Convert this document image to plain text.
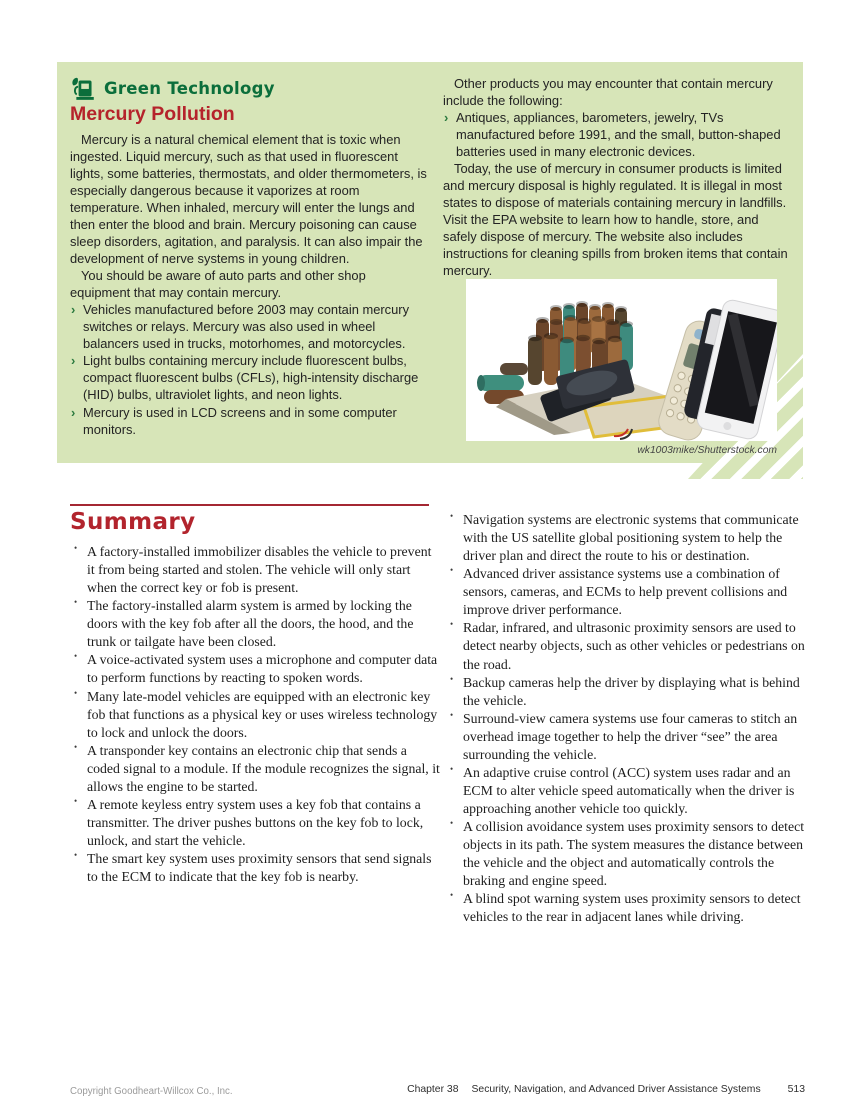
Green Technology
Mercury Pollution

Mercury is a natural chemical element that is toxic when ingested. Liquid mercury, such as that used in fluorescent lights, some batteries, thermostats, and older thermometers, is especially dangerous because it vaporizes at room temperature. When inhaled, mercury will enter the lungs and then enter the blood and brain. Mercury poisoning can cause sleep disorders, agitation, and paralysis. It can also impair the development of nerve systems in young children.

You should be aware of auto parts and other shop equipment that may contain mercury.

› Vehicles manufactured before 2003 may contain mercury switches or relays. Mercury was also used in wheel balancers used in trucks, motorhomes, and motorcycles.
› Light bulbs containing mercury include fluorescent bulbs, compact fluorescent bulbs (CFLs), high-intensity discharge (HID) bulbs, ultraviolet lights, and neon lights.
› Mercury is used in LCD screens and in some computer monitors.

Other products you may encounter that contain mercury include the following:

› Antiques, appliances, barometers, jewelry, TVs manufactured before 1991, and the small, button-shaped batteries used in many electronic devices.

Today, the use of mercury in consumer products is limited and mercury disposal is highly regulated. It is illegal in most states to dispose of materials containing mercury in landfills. Visit the EPA website to learn how to handle, store, and safely dispose of mercury. The website also includes instructions for cleaning spills from broken items that contain mercury.

wk1003mike/Shutterstock.com
Summary
• A factory-installed immobilizer disables the vehicle to prevent it from being started and stolen. The vehicle will only start when the correct key or fob is present.
• The factory-installed alarm system is armed by locking the doors with the key fob after all the doors, the hood, and the trunk or tailgate have been closed.
• A voice-activated system uses a microphone and computer data to perform functions by reacting to spoken words.
• Many late-model vehicles are equipped with an electronic key fob that functions as a physical key or uses wireless technology to lock and unlock the doors.
• A transponder key contains an electronic chip that sends a coded signal to a module. If the module recognizes the signal, it allows the engine to be started.
• A remote keyless entry system uses a key fob that contains a transmitter. The driver pushes buttons on the key fob to lock, unlock, and start the vehicle.
• The smart key system uses proximity sensors that send signals to the ECM to indicate that the key fob is nearby.
• Navigation systems are electronic systems that communicate with the US satellite global positioning system to help the driver plan and direct the route to his or destination.
• Advanced driver assistance systems use a combination of sensors, cameras, and ECMs to help prevent collisions and improve driver performance.
• Radar, infrared, and ultrasonic proximity sensors are used to detect nearby objects, such as other vehicles or pedestrians on the road.
• Backup cameras help the driver by displaying what is behind the vehicle.
• Surround-view camera systems use four cameras to stitch an overhead image together to help the driver “see” the area surrounding the vehicle.
• An adaptive cruise control (ACC) system uses radar and an ECM to alter vehicle speed automatically when the driver is approaching another vehicle too quickly.
• A collision avoidance system uses proximity sensors to detect objects in its path. The system measures the distance between the vehicle and the object and automatically controls the braking and engine speed.
• A blind spot warning system uses proximity sensors to detect vehicles to the rear in adjacent lanes while driving.
Copyright Goodheart-Willcox Co., Inc.	Chapter 38 Security, Navigation, and Advanced Driver Assistance Systems	513
